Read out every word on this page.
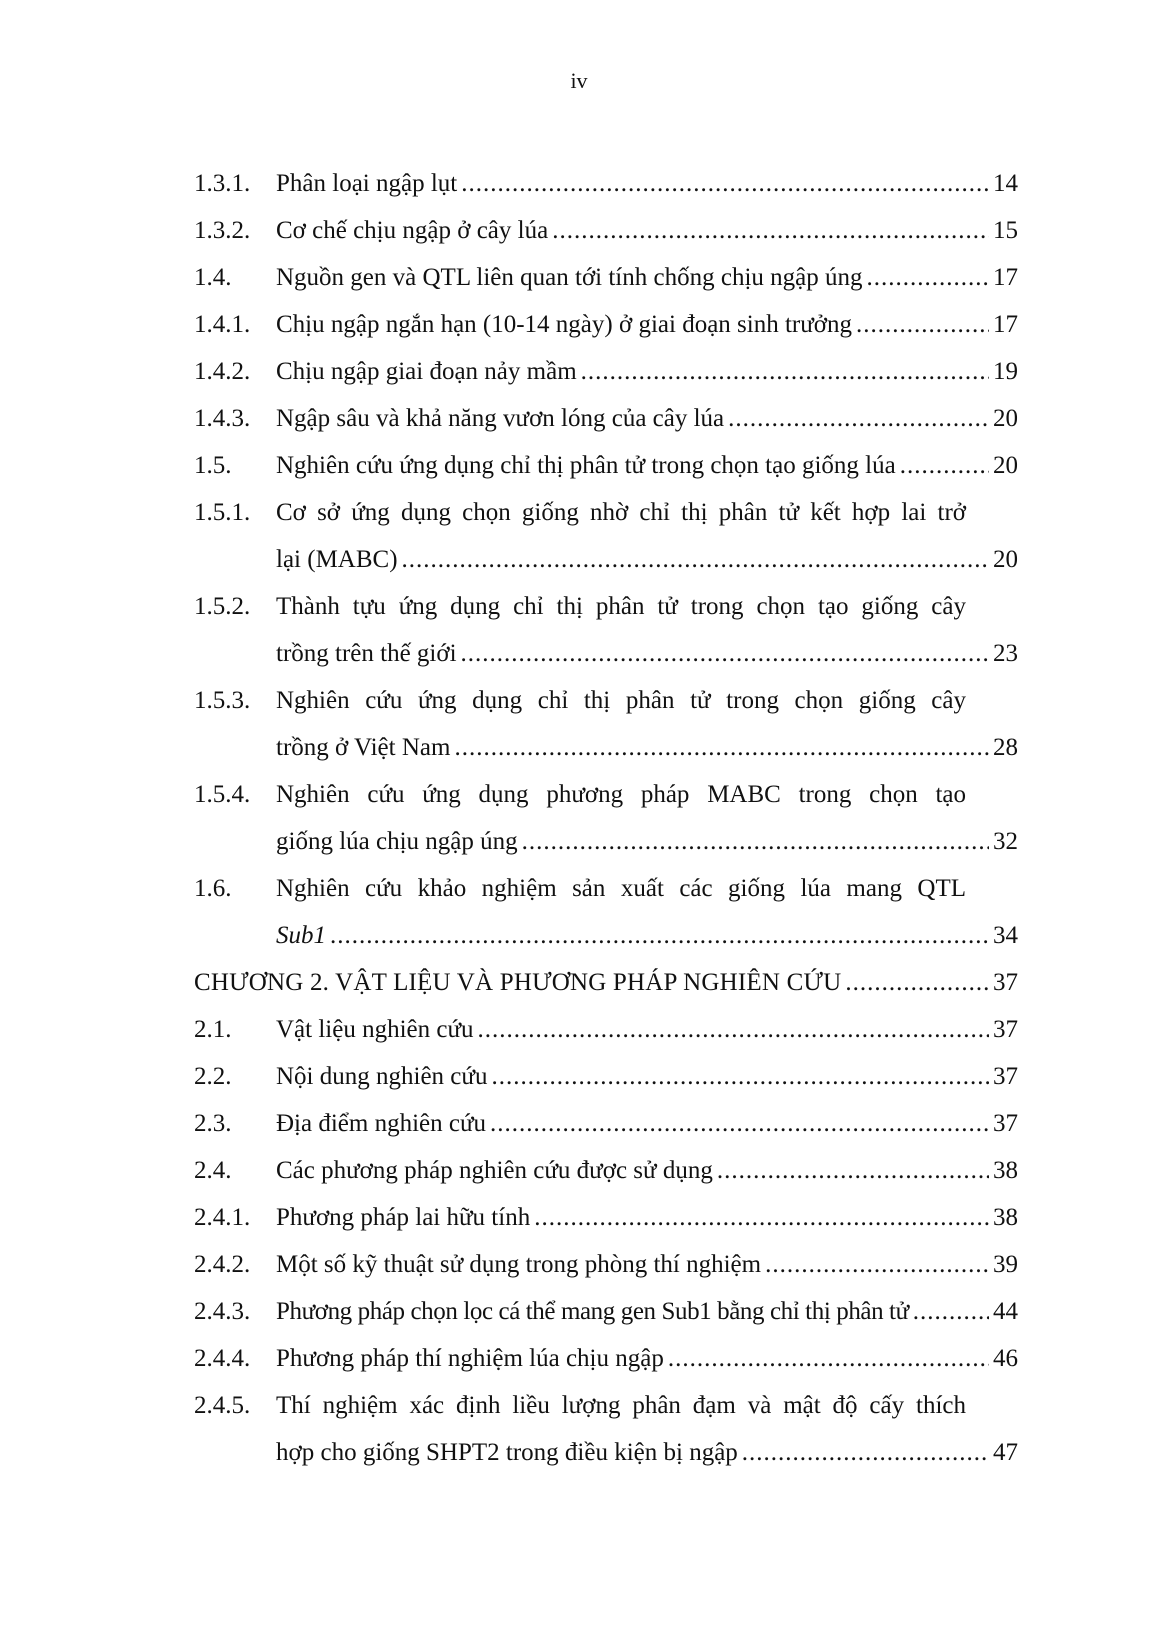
iv
1.3.1.	Phân loại ngập lụt .....	14
1.3.2.	Cơ chế chịu ngập ở cây lúa .....	15
1.4.	Nguồn gen và QTL liên quan tới tính chống chịu ngập úng .....	17
1.4.1.	Chịu ngập ngắn hạn (10-14 ngày) ở giai đoạn sinh trưởng .....	17
1.4.2.	Chịu ngập giai đoạn nảy mầm .....	19
1.4.3.	Ngập sâu và khả năng vươn lóng của cây lúa .....	20
1.5.	Nghiên cứu ứng dụng chỉ thị phân tử trong chọn tạo giống lúa .....	20
1.5.1.	Cơ sở ứng dụng chọn giống nhờ chỉ thị phân tử kết hợp lai trở
lại (MABC) .....	20
1.5.2.	Thành tựu ứng dụng chỉ thị phân tử trong chọn tạo giống cây
trồng trên thế giới .....	23
1.5.3.	Nghiên cứu ứng dụng chỉ thị phân tử trong chọn giống cây
trồng ở Việt Nam .....	28
1.5.4.	Nghiên cứu ứng dụng phương pháp MABC trong chọn tạo
giống lúa chịu ngập úng .....	32
1.6.	Nghiên cứu khảo nghiệm sản xuất các giống lúa mang QTL
Sub1 .....	34
CHƯƠNG 2. VẬT LIỆU VÀ PHƯƠNG PHÁP NGHIÊN CỨU .....	37
2.1.	Vật liệu nghiên cứu .....	37
2.2.	Nội dung nghiên cứu .....	37
2.3.	Địa điểm nghiên cứu .....	37
2.4.	Các phương pháp nghiên cứu được sử dụng .....	38
2.4.1.	Phương pháp lai hữu tính .....	38
2.4.2.	Một số kỹ thuật sử dụng trong phòng thí nghiệm .....	39
2.4.3.	Phương pháp chọn lọc cá thể mang gen Sub1 bằng chỉ thị phân tử .....	44
2.4.4.	Phương pháp thí nghiệm lúa chịu ngập .....	46
2.4.5.	Thí nghiệm xác định liều lượng phân đạm và mật độ cấy thích
hợp cho giống SHPT2 trong điều kiện bị ngập .....	47
